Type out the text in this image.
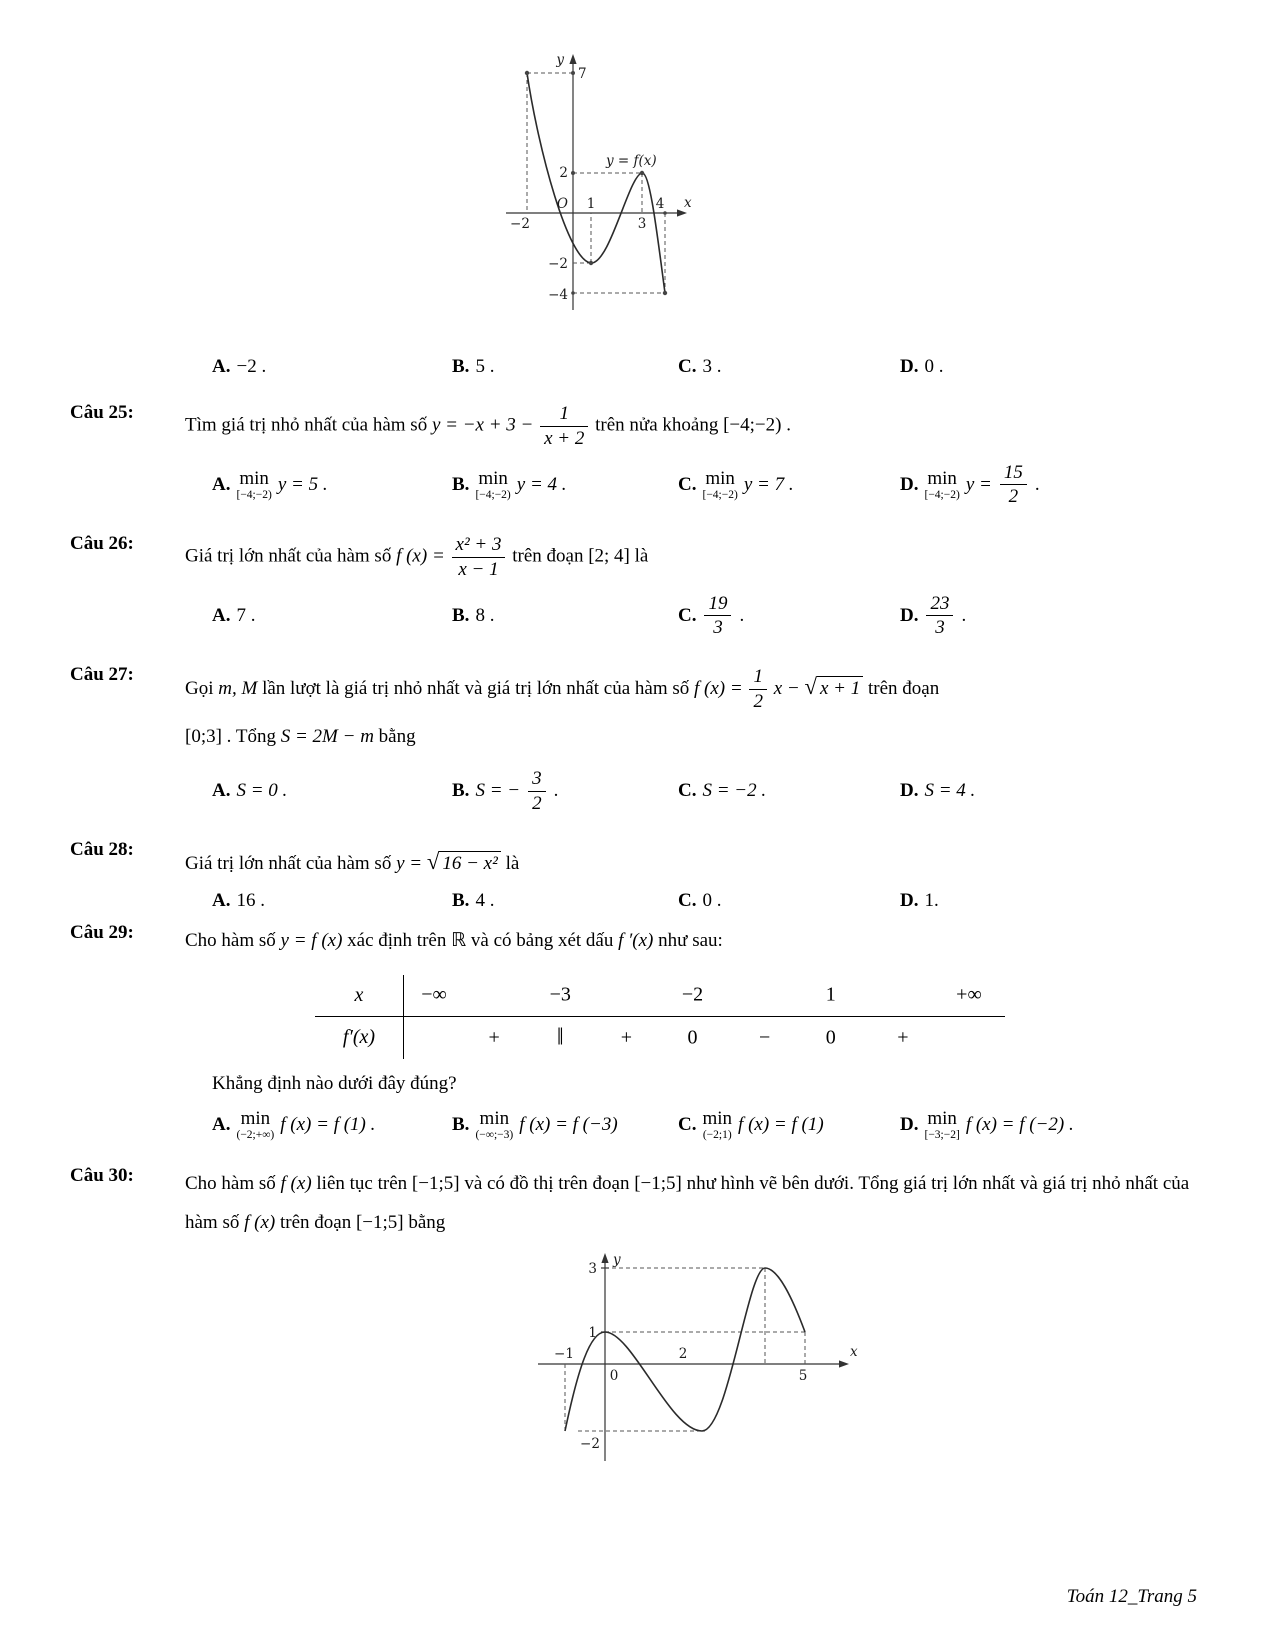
y
7
y = f(x)
2
O 1	4 x
−2	3
−2
−4
A. −2 .	B. 5 .	C. 3 .	D. 0 .
Câu 25:

Tìm giá trị nhỏ nhất của hàm số $y = -x + 3 - \frac{1}{x + 2}$ trên nửa khoảng [−4;−2) .

A. min
[−4;−2) y = 5 .	B. min
[−4;−2) y = 4 .	C. min
[−4;−2) y = 7 .	D. min
[−4;−2) $y = \frac{15}{2}$ .
Câu 26:

Giá trị lớn nhất của hàm số f $(x) = \frac{\text{x² + 3}}{x - 1}$ trên đoạn [2; 4] là

A. 7 .	B. 8 .	C. $\frac{19}{3}$ .	D. $\frac{23}{3}$ .
Câu 27:

Gọi m, M lần lượt là giá trị nhỏ nhất và giá trị lớn nhất của hàm số f $(x) = \frac{1}{2}$ x − √ x + 1 trên đoạn

[0;3] . Tổng S = 2M − m bằng

A. S = 0 .	B. S = − $\frac{3}{2}$ .	C. S = −2 .	D. S = 4 .
Câu 28:

Giá trị lớn nhất của hàm số y = √ 16 − x² là

A. 16 .	B. 4 .	C. 0 .	D. 1.
Câu 29:	Cho hàm số y = f (x) xác định trên ℝ và có bảng xét dấu f ′(x) như sau:

x	−∞	−3	−2	1	+∞
f′(x)	+ ‖	+	0	−	0	+

Khẳng định nào dưới đây đúng?

A. min
(−2;+∞) f (x) = f (1) .	B. min
(−∞;−3) f (x) = f (−3)	C. min
(−2;1) f (x) = f (1)	D. min
[−3;−2] f (x) = f (−2) .
Câu 30:	Cho hàm số f (x) liên tục trên [−1;5] và có đồ thị trên đoạn [−1;5] như hình vẽ bên dưới. Tổng giá trị lớn nhất và giá trị nhỏ nhất của hàm số f (x) trên đoạn [−1;5] bằng

y
3
1
−1
0
2
5
x
−2
Toán 12_Trang 5
